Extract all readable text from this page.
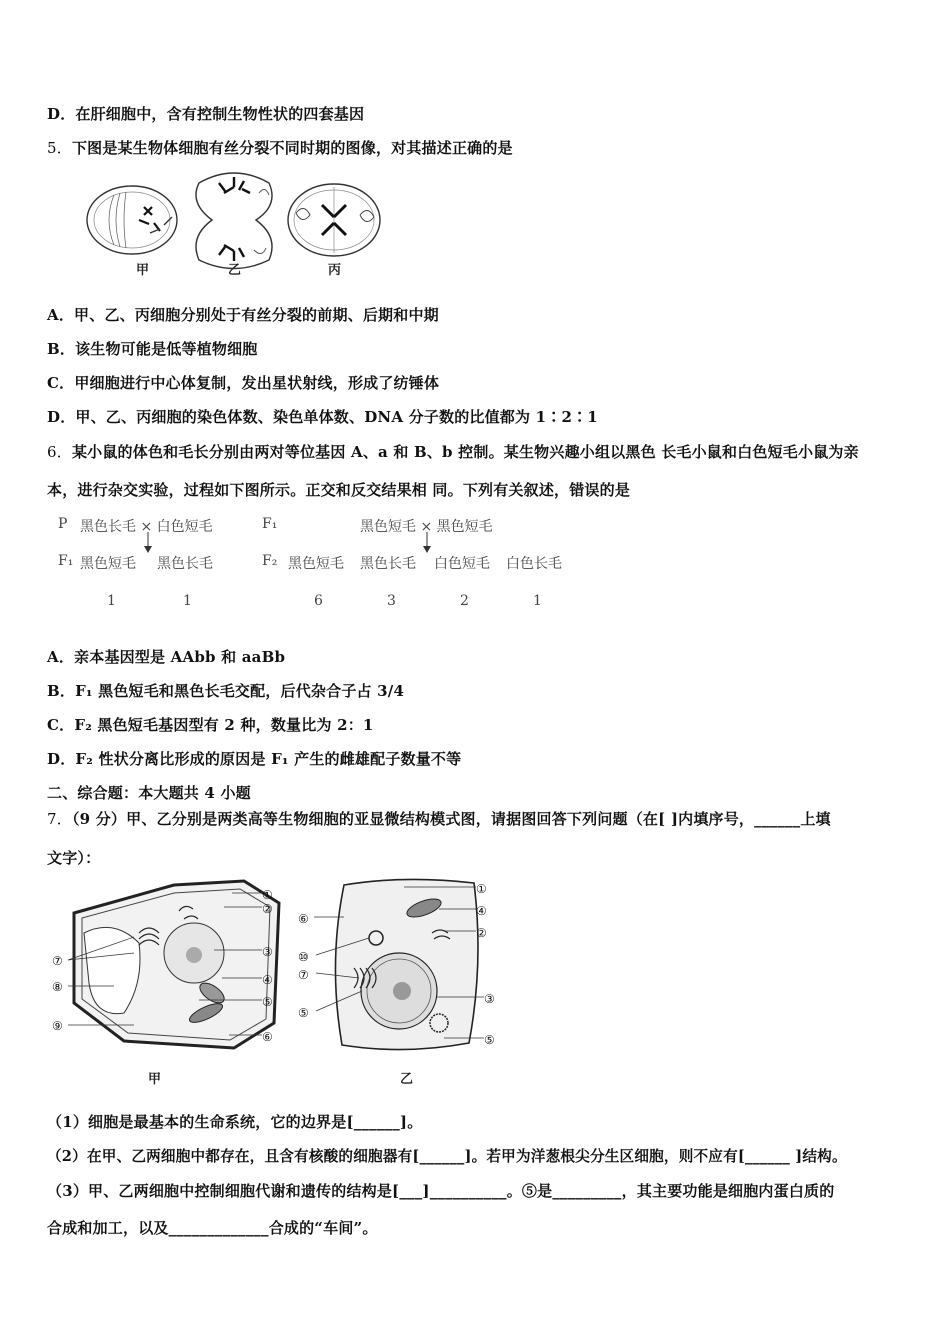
D．在肝细胞中，含有控制生物性状的四套基因
5．下图是某生物体细胞有丝分裂不同时期的图像，对其描述正确的是
甲	乙	丙
A．甲、乙、丙细胞分别处于有丝分裂的前期、后期和中期
B．该生物可能是低等植物细胞
C．甲细胞进行中心体复制，发出星状射线，形成了纺锤体
D．甲、乙、丙细胞的染色体数、染色单体数、DNA 分子数的比值都为 1∶2∶1
6．某小鼠的体色和毛长分别由两对等位基因 A、a 和 B、b 控制。某生物兴趣小组以黑色 长毛小鼠和白色短毛小鼠为亲
本，进行杂交实验，过程如下图所示。正交和反交结果相 同。下列有关叙述，错误的是
P 黑色长毛 × 白色短毛
F₁ 黑色短毛 黑色长毛
1	1
F₁	黑色短毛 × 黑色短毛
F₂ 黑色短毛 黑色长毛 白色短毛 白色长毛
6	3	2	1
A．亲本基因型是 AAbb 和 aaBb
B．F₁ 黑色短毛和黑色长毛交配，后代杂合子占 3/4
C．F₂ 黑色短毛基因型有 2 种，数量比为 2：1
D．F₂ 性状分离比形成的原因是 F₁ 产生的雌雄配子数量不等
二、综合题：本大题共 4 小题
7．（9 分）甲、乙分别是两类高等生物细胞的亚显微结构模式图，请据图回答下列问题（在[ ]内填序号，______上填
文字）：
①
②
③
④
⑤
⑥
⑦
⑧
⑨
甲
①
④
②
⑥
⑩
⑦
③
⑤
⑤
乙
（1）细胞是最基本的生命系统，它的边界是[______]。
（2）在甲、乙两细胞中都存在，且含有核酸的细胞器有[______]。若甲为洋葱根尖分生区细胞，则不应有[______ ]结构。
（3）甲、乙两细胞中控制细胞代谢和遗传的结构是[___]__________。⑤是_________，其主要功能是细胞内蛋白质的
合成和加工，以及_____________合成的“车间”。
